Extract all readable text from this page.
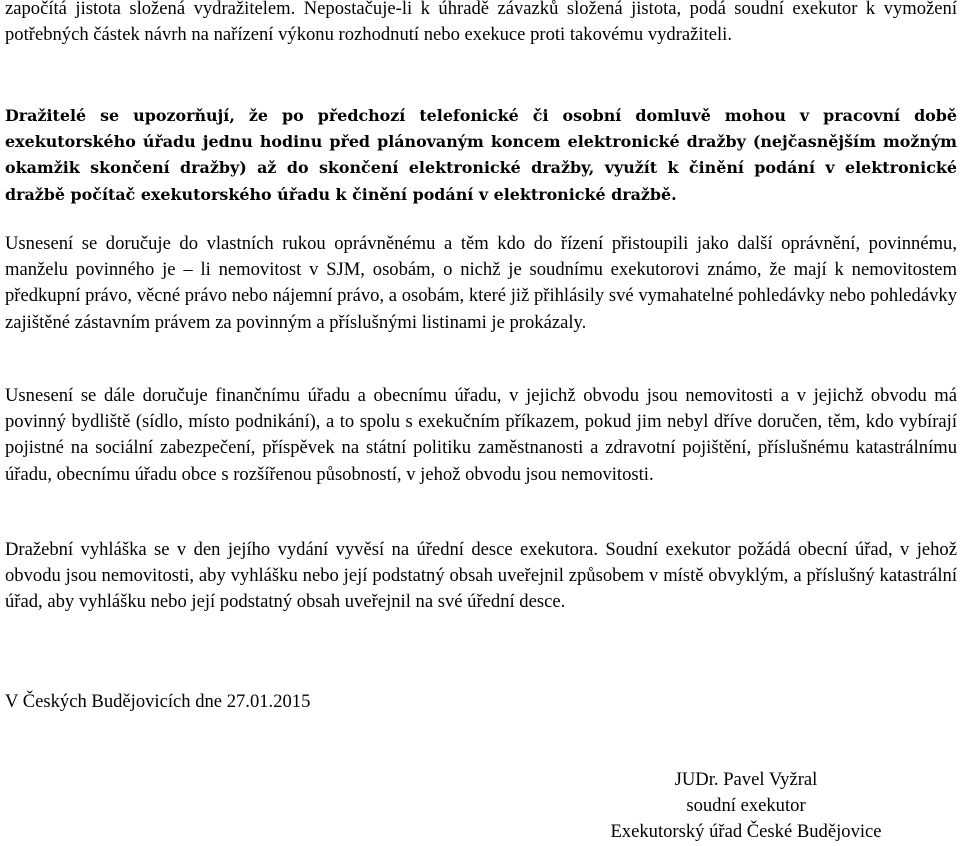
započítá jistota složená vydražitelem. Nepostačuje-li k úhradě závazků složená jistota, podá soudní exekutor k vymožení potřebných částek návrh na nařízení výkonu rozhodnutí nebo exekuce proti takovému vydražiteli.

Dražitelé se upozorňují, že po předchozí telefonické či osobní domluvě mohou v pracovní době exekutorského úřadu jednu hodinu před plánovaným koncem elektronické dražby (nejčasnějším možným okamžik skončení dražby) až do skončení elektronické dražby, využít k činění podání v elektronické dražbě počítač exekutorského úřadu k činění podání v elektronické dražbě.

Usnesení se doručuje do vlastních rukou oprávněnému a těm kdo do řízení přistoupili jako další oprávnění, povinnému, manželu povinného je – li nemovitost v SJM, osobám, o nichž je soudnímu exekutorovi známo, že mají k nemovitostem předkupní právo, věcné právo nebo nájemní právo, a osobám, které již přihlásily své vymahatelné pohledávky nebo pohledávky zajištěné zástavním právem za povinným a příslušnými listinami je prokázaly.

Usnesení se dále doručuje finančnímu úřadu a obecnímu úřadu, v jejichž obvodu jsou nemovitosti a v jejichž obvodu má povinný bydliště (sídlo, místo podnikání), a to spolu s exekučním příkazem, pokud jim nebyl dříve doručen, těm, kdo vybírají pojistné na sociální zabezpečení, příspěvek na státní politiku zaměstnanosti a zdravotní pojištění, příslušnému katastrálnímu úřadu, obecnímu úřadu obce s rozšířenou působností, v jehož obvodu jsou nemovitosti.

Dražební vyhláška se v den jejího vydání vyvěsí na úřední desce exekutora. Soudní exekutor požádá obecní úřad, v jehož obvodu jsou nemovitosti, aby vyhlášku nebo její podstatný obsah uveřejnil způsobem v místě obvyklým, a příslušný katastrální úřad, aby vyhlášku nebo její podstatný obsah uveřejnil na své úřední desce.

V Českých Budějovicích dne 27.01.2015

JUDr. Pavel Vyžral
soudní exekutor
Exekutorský úřad České Budějovice
